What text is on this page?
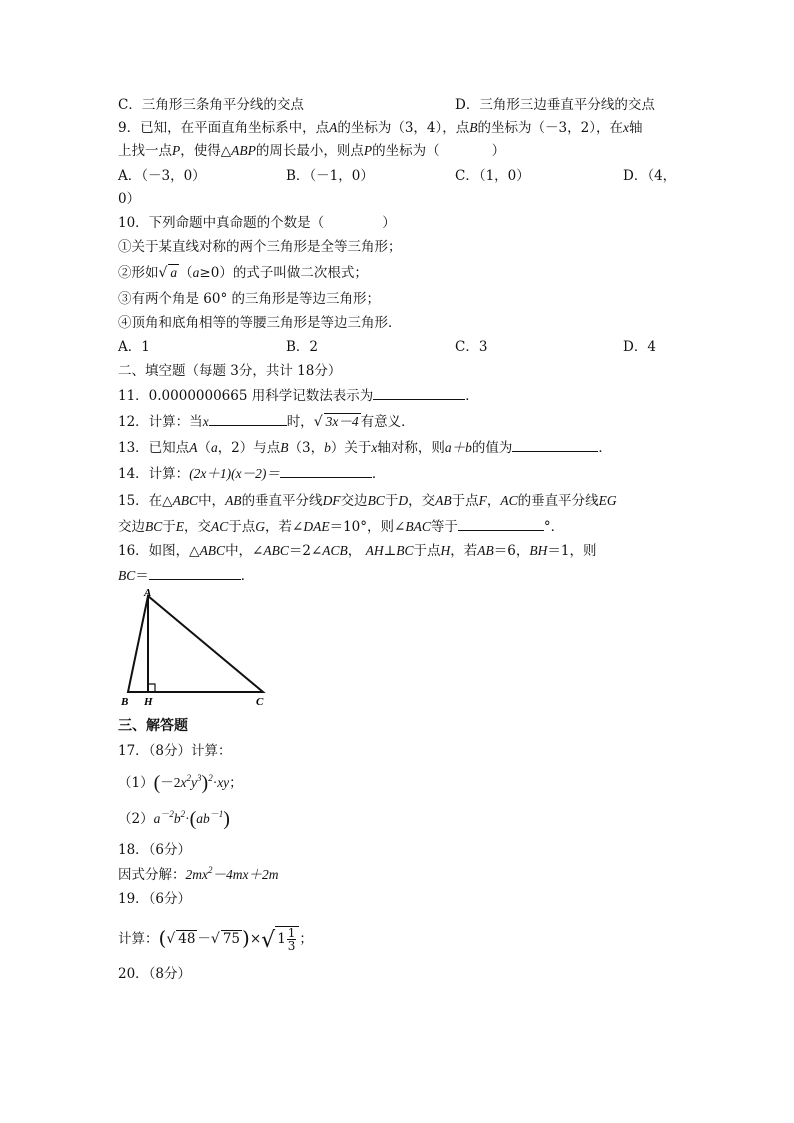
C．三角形三条角平分线的交点	D．三角形三边垂直平分线的交点
9．已知，在平面直角坐标系中，点A的坐标为（3，4），点B的坐标为（－3，2），在x轴
上找一点P，使得△ABP的周长最小，则点P的坐标为（	）
A．（－3，0）	B．（－1，0）	C．（1，0）	D．（4，
0）
10．下列命题中真命题的个数是（	）
①关于某直线对称的两个三角形是全等三角形；
②形如√ a （a≥0）的式子叫做二次根式；
③有两个角是 60° 的三角形是等边三角形；
④顶角和底角相等的等腰三角形是等边三角形．
A．1	B．2	C．3	D．4
二、填空题（每题 3分，共计 18分）
11．0.0000000665 用科学记数法表示为	．
12．计算：当x	时，√ 3x－4 有意义．
13．已知点A（a，2）与点B（3，b）关于x轴对称，则a＋b的值为	．
14．计算：(2x＋1)(x－2)＝	．
15．在△ABC中，AB的垂直平分线DF交边BC于D，交AB于点F，AC的垂直平分线EG
交边BC于E，交AC于点G，若∠DAE＝10°，则∠BAC等于	°．
16．如图，△ABC中，∠ABC＝2∠ACB， AH⊥BC于点H，若AB＝6，BH＝1，则
BC＝	．
A
B H	C
三、解答题
17．（8分）计算：
$(1)(-2x^2y^3)^2\cdot xy$；
$(2)a^{-2}b^2\cdot(ab^{-1})$
18．（6分）
因式分解：$2mx^2-4mx+2m$
19．（6分）
计算：(√ 48 －√ 75 )×√ $1 \frac{1}{3}$ ；
20．（8分）
